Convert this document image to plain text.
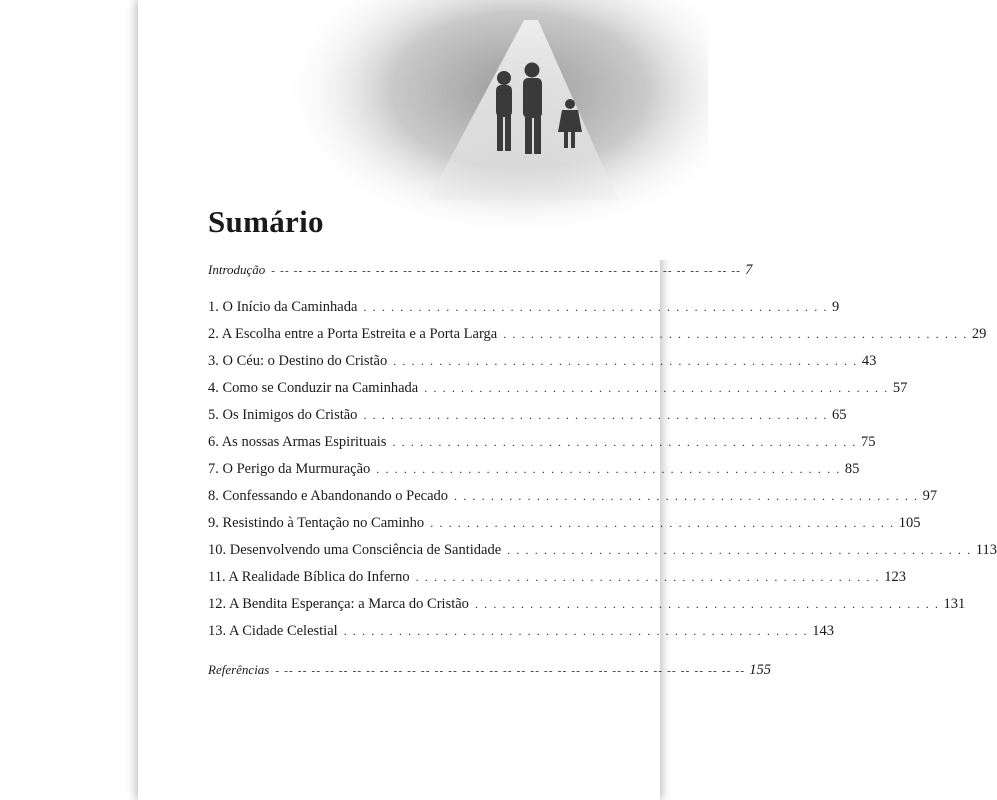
Sumário
Introdução - -- -- -- -- -- -- -- -- -- -- -- -- -- -- -- -- -- -- -- -- -- -- -- -- -- -- -- -- -- -- -- -- -- -- 7
1. O Início da Caminhada . . . . . . . . . . . . . . . . . . . . . . . . . . . . . . . . . . . . . . . . . . . . . . . . . . . 9
2. A Escolha entre a Porta Estreita e a Porta Larga . . . . . . . . . . . . . . . . . . . . . . . . . . . . . . . . . . . . . . . . . . . . . . . . . . . 29
3. O Céu: o Destino do Cristão . . . . . . . . . . . . . . . . . . . . . . . . . . . . . . . . . . . . . . . . . . . . . . . . . . . 43
4. Como se Conduzir na Caminhada . . . . . . . . . . . . . . . . . . . . . . . . . . . . . . . . . . . . . . . . . . . . . . . . . . . 57
5. Os Inimigos do Cristão . . . . . . . . . . . . . . . . . . . . . . . . . . . . . . . . . . . . . . . . . . . . . . . . . . . 65
6. As nossas Armas Espirituais . . . . . . . . . . . . . . . . . . . . . . . . . . . . . . . . . . . . . . . . . . . . . . . . . . . 75
7. O Perigo da Murmuração . . . . . . . . . . . . . . . . . . . . . . . . . . . . . . . . . . . . . . . . . . . . . . . . . . . 85
8. Confessando e Abandonando o Pecado . . . . . . . . . . . . . . . . . . . . . . . . . . . . . . . . . . . . . . . . . . . . . . . . . . . 97
9. Resistindo à Tentação no Caminho . . . . . . . . . . . . . . . . . . . . . . . . . . . . . . . . . . . . . . . . . . . . . . . . . . . 105
10. Desenvolvendo uma Consciência de Santidade . . . . . . . . . . . . . . . . . . . . . . . . . . . . . . . . . . . . . . . . . . . . . . . . . . . 113
11. A Realidade Bíblica do Inferno . . . . . . . . . . . . . . . . . . . . . . . . . . . . . . . . . . . . . . . . . . . . . . . . . . . 123
12. A Bendita Esperança: a Marca do Cristão . . . . . . . . . . . . . . . . . . . . . . . . . . . . . . . . . . . . . . . . . . . . . . . . . . . 131
13. A Cidade Celestial . . . . . . . . . . . . . . . . . . . . . . . . . . . . . . . . . . . . . . . . . . . . . . . . . . . 143
Referências - -- -- -- -- -- -- -- -- -- -- -- -- -- -- -- -- -- -- -- -- -- -- -- -- -- -- -- -- -- -- -- -- -- -- 155
